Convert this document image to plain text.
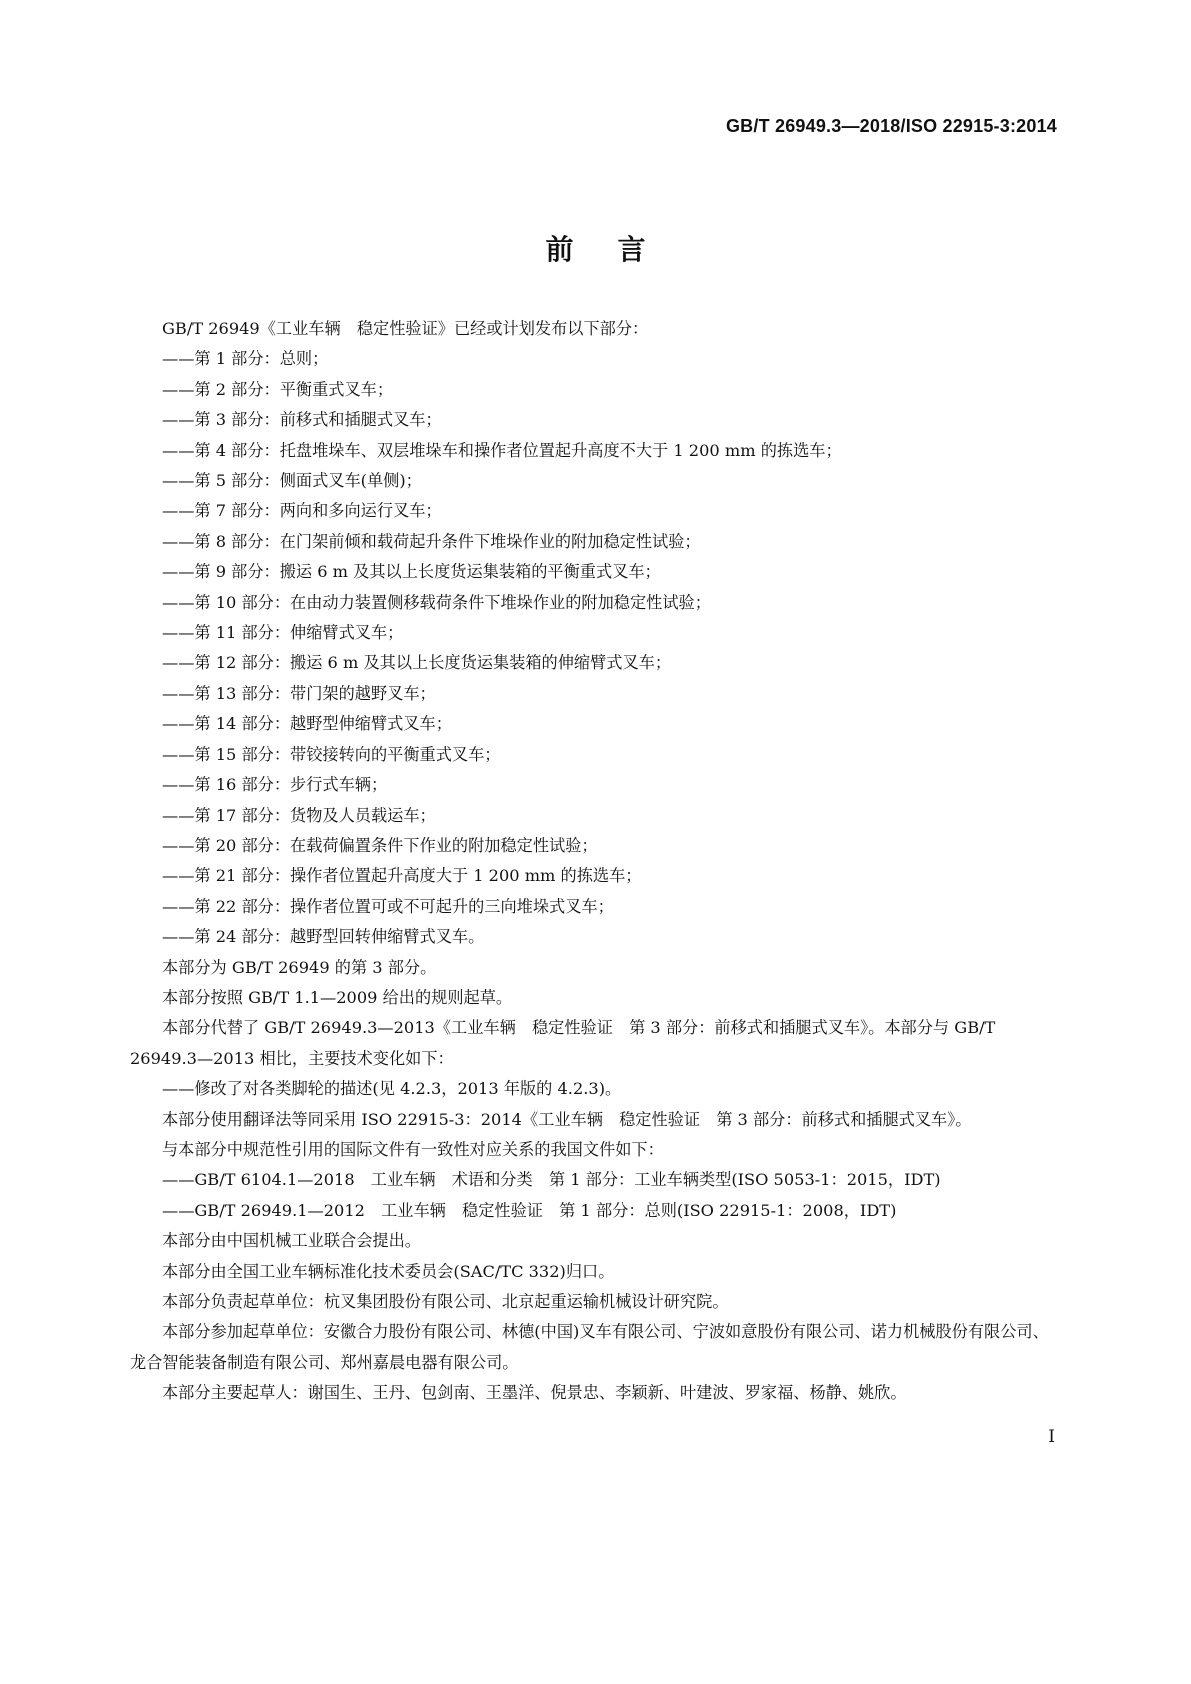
GB/T 26949.3—2018/ISO 22915-3:2014
前言

GB/T 26949《工业车辆　稳定性验证》已经或计划发布以下部分：

——第 1 部分：总则；

——第 2 部分：平衡重式叉车；

——第 3 部分：前移式和插腿式叉车；

——第 4 部分：托盘堆垛车、双层堆垛车和操作者位置起升高度不大于 1 200 mm 的拣选车；

——第 5 部分：侧面式叉车(单侧)；

——第 7 部分：两向和多向运行叉车；

——第 8 部分：在门架前倾和载荷起升条件下堆垛作业的附加稳定性试验；

——第 9 部分：搬运 6 m 及其以上长度货运集装箱的平衡重式叉车；

——第 10 部分：在由动力装置侧移载荷条件下堆垛作业的附加稳定性试验；

——第 11 部分：伸缩臂式叉车；

——第 12 部分：搬运 6 m 及其以上长度货运集装箱的伸缩臂式叉车；

——第 13 部分：带门架的越野叉车；

——第 14 部分：越野型伸缩臂式叉车；

——第 15 部分：带铰接转向的平衡重式叉车；

——第 16 部分：步行式车辆；

——第 17 部分：货物及人员载运车；

——第 20 部分：在载荷偏置条件下作业的附加稳定性试验；

——第 21 部分：操作者位置起升高度大于 1 200 mm 的拣选车；

——第 22 部分：操作者位置可或不可起升的三向堆垛式叉车；

——第 24 部分：越野型回转伸缩臂式叉车。

本部分为 GB/T 26949 的第 3 部分。

本部分按照 GB/T 1.1—2009 给出的规则起草。

本部分代替了 GB/T 26949.3—2013《工业车辆　稳定性验证　第 3 部分：前移式和插腿式叉车》。本部分与 GB/T 26949.3—2013 相比，主要技术变化如下：

——修改了对各类脚轮的描述(见 4.2.3，2013 年版的 4.2.3)。

本部分使用翻译法等同采用 ISO 22915-3：2014《工业车辆　稳定性验证　第 3 部分：前移式和插腿式叉车》。

与本部分中规范性引用的国际文件有一致性对应关系的我国文件如下：

——GB/T 6104.1—2018　工业车辆　术语和分类　第 1 部分：工业车辆类型(ISO 5053-1：2015，IDT)

——GB/T 26949.1—2012　工业车辆　稳定性验证　第 1 部分：总则(ISO 22915-1：2008，IDT)

本部分由中国机械工业联合会提出。

本部分由全国工业车辆标准化技术委员会(SAC/TC 332)归口。

本部分负责起草单位：杭叉集团股份有限公司、北京起重运输机械设计研究院。

本部分参加起草单位：安徽合力股份有限公司、林德(中国)叉车有限公司、宁波如意股份有限公司、诺力机械股份有限公司、龙合智能装备制造有限公司、郑州嘉晨电器有限公司。

本部分主要起草人：谢国生、王丹、包剑南、王墨洋、倪景忠、李颖新、叶建波、罗家福、杨静、姚欣。

I
